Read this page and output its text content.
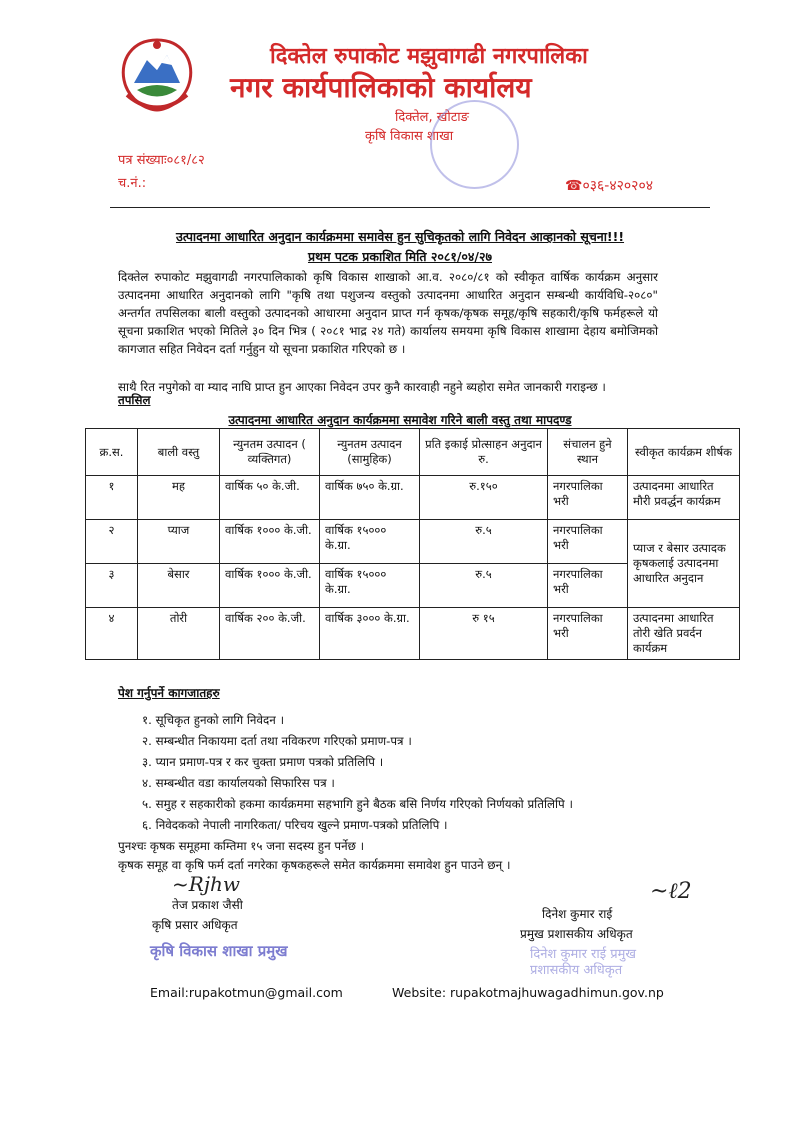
दिक्तेल रुपाकोट मझुवागढी नगरपालिका
नगर कार्यपालिकाको कार्यालय
दिक्तेल, खोटाङ
कृषि विकास शाखा
पत्र संख्याः०८१/८२
च.नं.:	☎०३६-४२०२०४
उत्पादनमा आधारित अनुदान कार्यक्रममा समावेस हुन सुचिकृतको लागि निवेदन आव्हानको सूचना!!!
प्रथम पटक प्रकाशित मिति २०८१/०४/२७
दिक्तेल रुपाकोट मझुवागढी नगरपालिकाको कृषि विकास शाखाको आ.व. २०८०/८१ को स्वीकृत वार्षिक कार्यक्रम अनुसार उत्पादनमा आधारित अनुदानको लागि "कृषि तथा पशुजन्य वस्तुको उत्पादनमा आधारित अनुदान सम्बन्धी कार्यविधि-२०८०" अन्तर्गत तपसिलका बाली वस्तुको उत्पादनको आधारमा अनुदान प्राप्त गर्न कृषक/कृषक समूह/कृषि सहकारी/कृषि फर्महरूले यो सूचना प्रकाशित भएको मितिले ३० दिन भित्र ( २०८१ भाद्र २४ गते) कार्यालय समयमा कृषि विकास शाखामा देहाय बमोजिमको कागजात सहित निवेदन दर्ता गर्नुहुन यो सूचना प्रकाशित गरिएको छ ।
साथै रित नपुगेको वा म्याद नाघि प्राप्त हुन आएका निवेदन उपर कुनै कारवाही नहुने ब्यहोरा समेत जानकारी गराइन्छ ।
तपसिल
उत्पादनमा आधारित अनुदान कार्यक्रममा समावेश गरिने बाली वस्तु तथा मापदण्ड
क्र.स.	बाली वस्तु	न्युनतम उत्पादन ( व्यक्तिगत)	न्युनतम उत्पादन (सामुहिक)	प्रति इकाई प्रोत्साहन अनुदान रु.	संचालन हुने स्थान	स्वीकृत कार्यक्रम शीर्षक
१	मह	वार्षिक ५० के.जी.	वार्षिक ७५० के.ग्रा.	रु.१५०	नगरपालिका भरी	उत्पादनमा आधारित मौरी प्रवर्द्धन कार्यक्रम
२	प्याज	वार्षिक १००० के.जी.	वार्षिक १५००० के.ग्रा.	रु.५	नगरपालिका भरी	प्याज र बेसार उत्पादक कृषकलाई उत्पादनमा आधारित अनुदान
३	बेसार	वार्षिक १००० के.जी.	वार्षिक १५००० के.ग्रा.	रु.५	नगरपालिका भरी	
४	तोरी	वार्षिक २०० के.जी.	वार्षिक ३००० के.ग्रा.	रु १५	नगरपालिका भरी	उत्पादनमा आधारित तोरी खेति प्रवर्दन कार्यक्रम
पेश गर्नुपर्ने कागजातहरु
१. सूचिकृत हुनको लागि निवेदन ।
२. सम्बन्धीत निकायमा दर्ता तथा नविकरण गरिएको प्रमाण-पत्र ।
३. प्यान प्रमाण-पत्र र कर चुक्ता प्रमाण पत्रको प्रतिलिपि ।
४. सम्बन्धीत वडा कार्यालयको सिफारिस पत्र ।
५. समुह र सहकारीको हकमा कार्यक्रममा सहभागि हुने बैठक बसि निर्णय गरिएको निर्णयको प्रतिलिपि ।
६. निवेदकको नेपाली नागरिकता/ परिचय खुल्ने प्रमाण-पत्रको प्रतिलिपि ।
पुनश्चः कृषक समूहमा कम्तिमा १५ जना सदस्य हुन पर्नेछ ।
कृषक समूह वा कृषि फर्म दर्ता नगरेका कृषकहरूले समेत कार्यक्रममा समावेश हुन पाउने छन् ।
~Rjhw
तेज प्रकाश जैसी
कृषि प्रसार अधिकृत
कृषि विकास शाखा प्रमुख
~ℓ2
दिनेश कुमार राई
प्रमुख प्रशासकीय अधिकृत
दिनेश कुमार राई प्रमुख प्रशासकीय अधिकृत
Email:rupakotmun@gmail.com	Website: rupakotmajhuwagadhimun.gov.np
